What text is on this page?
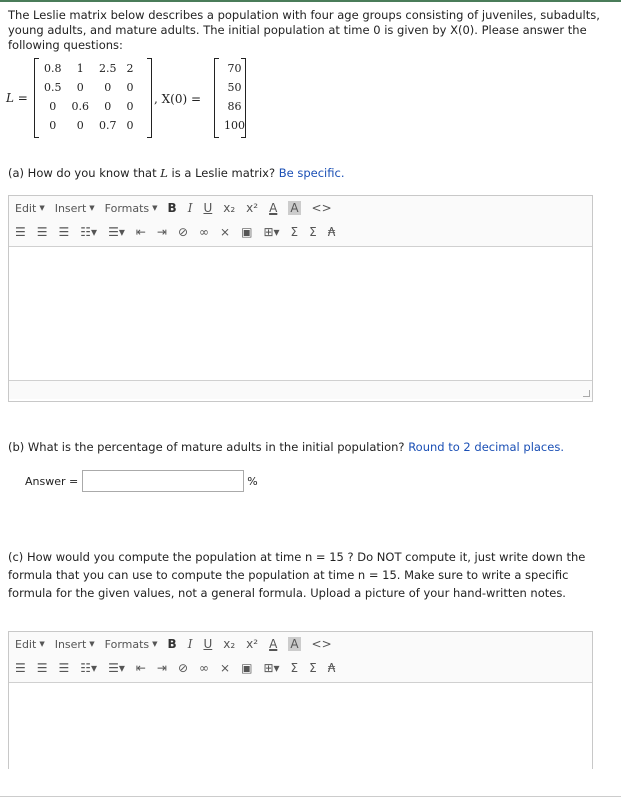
The Leslie matrix below describes a population with four age groups consisting of juveniles, subadults, young adults, and mature adults. The initial population at time 0 is given by X(0). Please answer the following questions:
L =
0.8	1	2.5	2
0.5	0	0	0
0	0.6	0	0
0	0	0.7	0
, X(0) =
70
50
86
100
(a) How do you know that L is a Leslie matrix? Be specific.
Edit ▼ Insert ▼ Formats ▼ B I U x₂ x² A A <>
☰ ☰ ☰ ☷▾ ☰▾ ⇤ ⇥ ⊘ ∞ ⨯ ▣ ⊞▾ Σ Σ ₳
(b) What is the percentage of mature adults in the initial population? Round to 2 decimal places.
Answer =	%
(c) How would you compute the population at time n = 15 ? Do NOT compute it, just write down the formula that you can use to compute the population at time n = 15. Make sure to write a specific formula for the given values, not a general formula. Upload a picture of your hand-written notes.
Edit ▼ Insert ▼ Formats ▼ B I U x₂ x² A A <>
☰ ☰ ☰ ☷▾ ☰▾ ⇤ ⇥ ⊘ ∞ ⨯ ▣ ⊞▾ Σ Σ ₳
